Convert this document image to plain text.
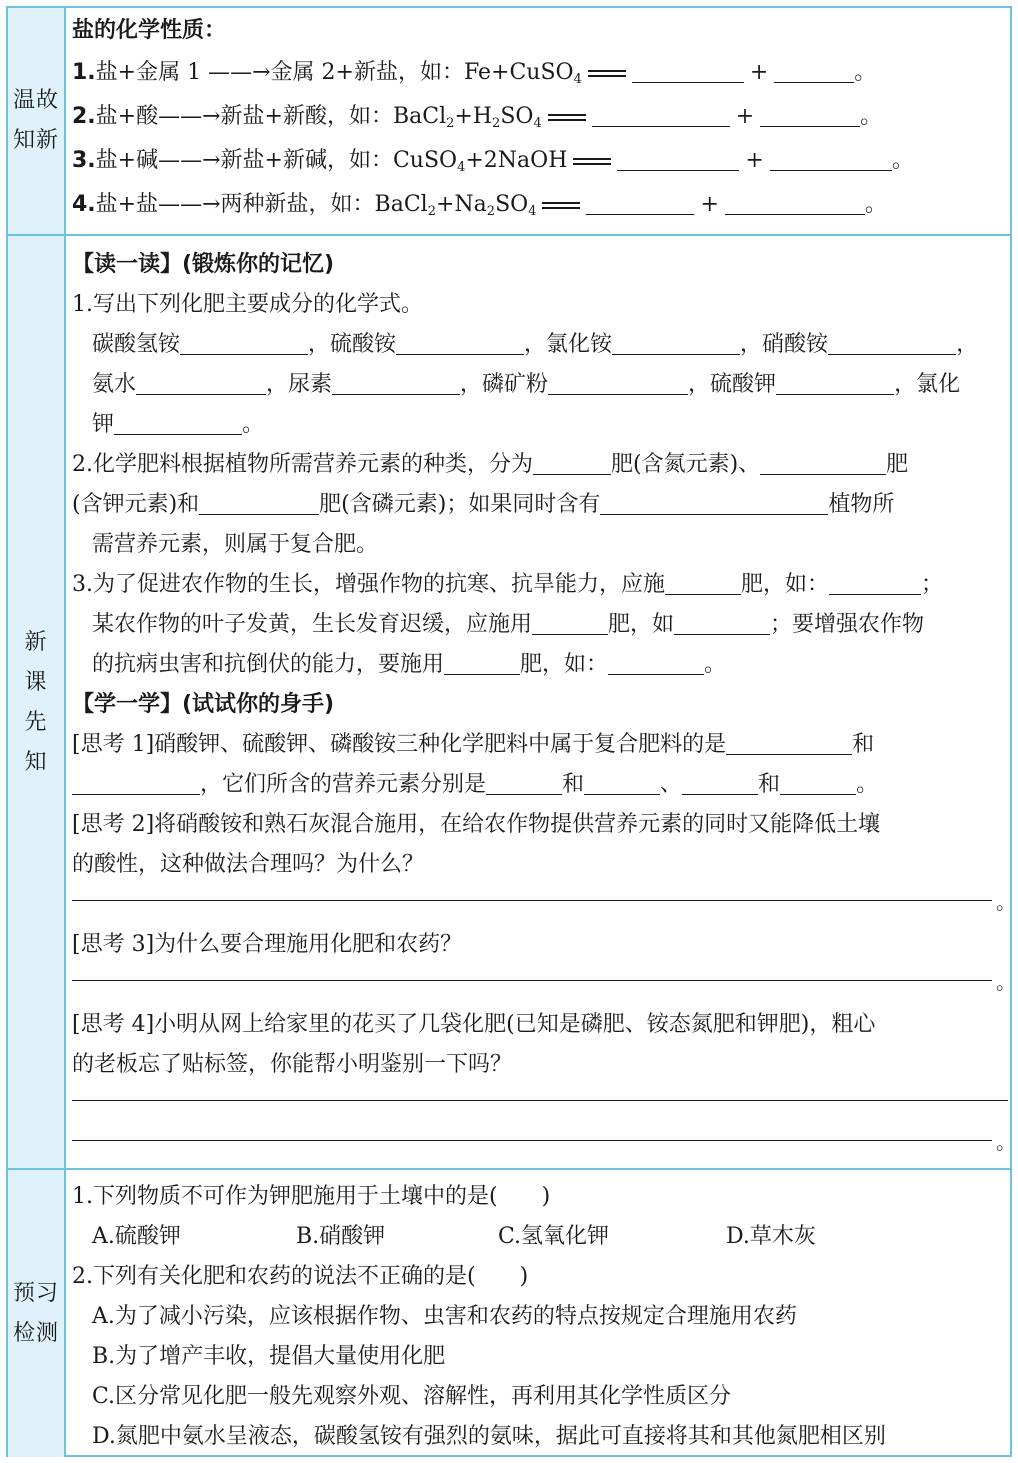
温故
知新
盐的化学性质：
1.盐+金属 1 ——→金属 2+新盐，如：Fe+CuSO$_4$	+	。
2.盐+酸——→新盐+新酸，如：$BaCl_2+H_2SO_4$	+	。
3.盐+碱——→新盐+新碱，如：CuSO$_4$+2NaOH	+	。
4.盐+盐——→两种新盐，如：$BaCl_2+Na_2SO_4$	+	。
新
课
先
知
【读一读】(锻炼你的记忆)
1.写出下列化肥主要成分的化学式。
碳酸氢铵	，硫酸铵	，氯化铵	，硝酸铵	，
氨水	，尿素	，磷矿粉	，硫酸钾	，氯化
钾	。
2.化学肥料根据植物所需营养元素的种类，分为	肥(含氮元素)、	肥
(含钾元素)和	肥(含磷元素)；如果同时含有	植物所
需营养元素，则属于复合肥。
3.为了促进农作物的生长，增强作物的抗寒、抗旱能力，应施	肥，如：	；
某农作物的叶子发黄，生长发育迟缓，应施用	肥，如	；要增强农作物
的抗病虫害和抗倒伏的能力，要施用	肥，如：	。
【学一学】(试试你的身手)
[思考 1]硝酸钾、硫酸钾、磷酸铵三种化学肥料中属于复合肥料的是	和
，它们所含的营养元素分别是	和	、	和	。
[思考 2]将硝酸铵和熟石灰混合施用，在给农作物提供营养元素的同时又能降低土壤
的酸性，这种做法合理吗？为什么？
。
[思考 3]为什么要合理施用化肥和农药？
。
[思考 4]小明从网上给家里的花买了几袋化肥(已知是磷肥、铵态氮肥和钾肥)，粗心
的老板忘了贴标签，你能帮小明鉴别一下吗？
。
预习
检测
1.下列物质不可作为钾肥施用于土壤中的是(　　)
A.硫酸钾	B.硝酸钾	C.氢氧化钾	D.草木灰
2.下列有关化肥和农药的说法不正确的是(　　)
A.为了减小污染，应该根据作物、虫害和农药的特点按规定合理施用农药
B.为了增产丰收，提倡大量使用化肥
C.区分常见化肥一般先观察外观、溶解性，再利用其化学性质区分
D.氮肥中氨水呈液态，碳酸氢铵有强烈的氨味，据此可直接将其和其他氮肥相区别
